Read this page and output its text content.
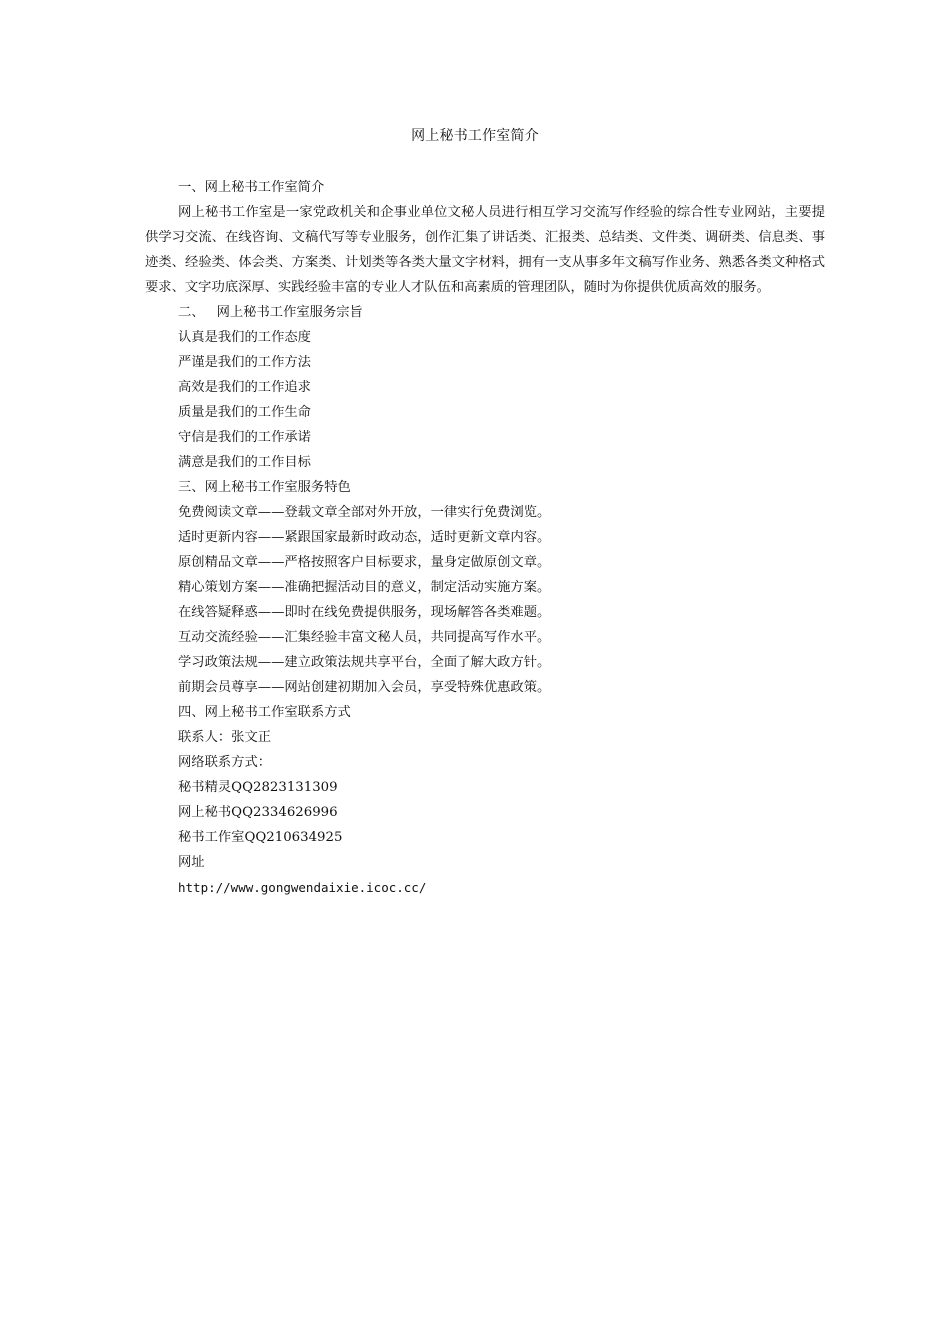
网上秘书工作室简介
一、网上秘书工作室简介
网上秘书工作室是一家党政机关和企事业单位文秘人员进行相互学习交流写作经验的综合性专业网站，主要提供学习交流、在线咨询、文稿代写等专业服务，创作汇集了讲话类、汇报类、总结类、文件类、调研类、信息类、事迹类、经验类、体会类、方案类、计划类等各类大量文字材料，拥有一支从事多年文稿写作业务、熟悉各类文种格式要求、文字功底深厚、实践经验丰富的专业人才队伍和高素质的管理团队，随时为你提供优质高效的服务。
二、 网上秘书工作室服务宗旨
认真是我们的工作态度
严谨是我们的工作方法
高效是我们的工作追求
质量是我们的工作生命
守信是我们的工作承诺
满意是我们的工作目标
三、网上秘书工作室服务特色
免费阅读文章——登载文章全部对外开放，一律实行免费浏览。
适时更新内容——紧跟国家最新时政动态，适时更新文章内容。
原创精品文章——严格按照客户目标要求，量身定做原创文章。
精心策划方案——准确把握活动目的意义，制定活动实施方案。
在线答疑释惑——即时在线免费提供服务，现场解答各类难题。
互动交流经验——汇集经验丰富文秘人员，共同提高写作水平。
学习政策法规——建立政策法规共享平台，全面了解大政方针。
前期会员尊享——网站创建初期加入会员，享受特殊优惠政策。
四、网上秘书工作室联系方式
联系人：张文正
网络联系方式：
秘书精灵QQ2823131309
网上秘书QQ2334626996
秘书工作室QQ210634925
网址
http://www.gongwendaixie.icoc.cc/
